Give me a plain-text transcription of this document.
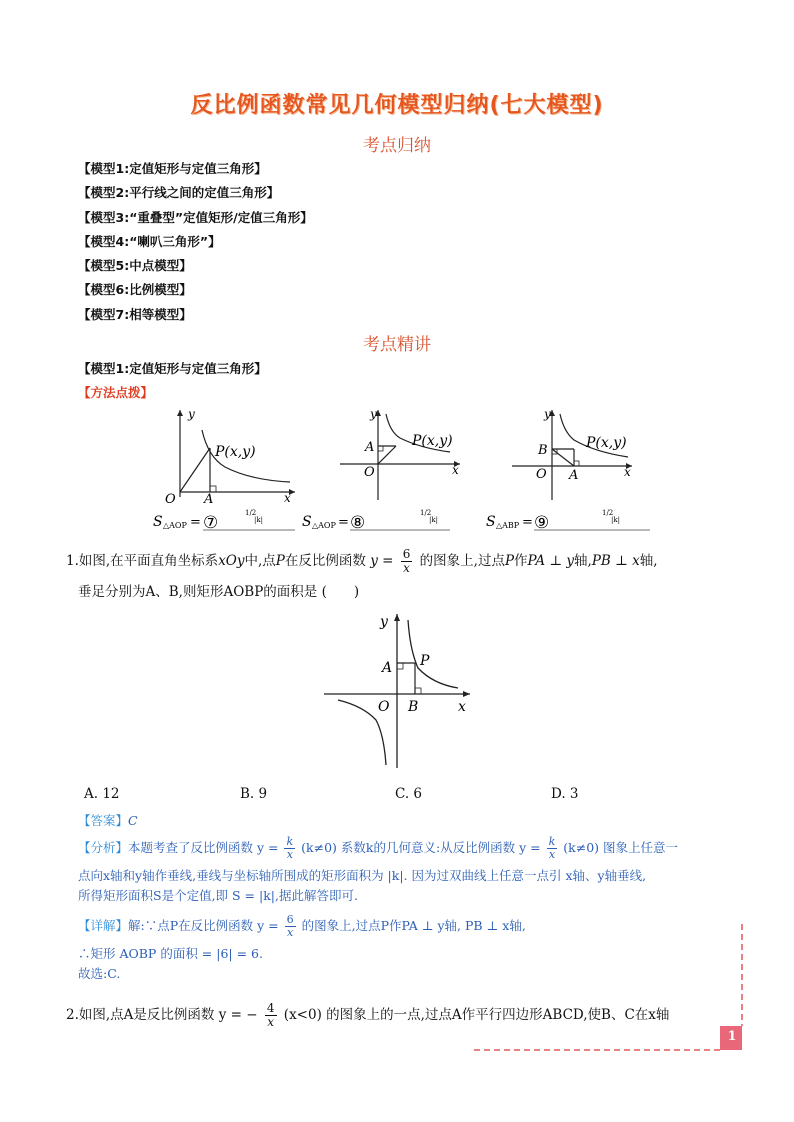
反比例函数常见几何模型归纳(七大模型)
考点归纳
【模型1:定值矩形与定值三角形】
【模型2:平行线之间的定值三角形】
【模型3:“重叠型”定值矩形/定值三角形】
【模型4:“喇叭三角形”】
【模型5:中点模型】
【模型6:比例模型】
【模型7:相等模型】
考点精讲
【模型1:定值矩形与定值三角形】
【方法点拨】
y
x
O A
P(x,y)
S △AOP = ⑦	1/2
|k|
y
x
O
A	P(x,y)
S △AOP = ⑧	1/2
|k|
y
x
O
B
A
P(x,y)
S △ABP = ⑨	1/2
|k|
1.如图,在平面直角坐标系xOy中,点P在反比例函数 $y = \frac{6}{x}$ 的图象上,过点P作PA ⊥ y轴,PB ⊥ x轴,
垂足分别为A、B,则矩形AOBP的面积是 (　　)
y
x
O
A
B
P
A. 12	B. 9	C. 6	D. 3
【答案】C
【分析】本题考查了反比例函数 $y = \frac{k}{x} (k\ne 0)$ 系数k的几何意义:从反比例函数 $y = \frac{k}{x} (k\ne 0)$ 图象上任意一
点向x轴和y轴作垂线,垂线与坐标轴所围成的矩形面积为 |k|. 因为过双曲线上任意一点引 x轴、y轴垂线,
所得矩形面积S是个定值,即 S = |k|,据此解答即可.
【详解】解:∵点P在反比例函数 $y = \frac{6}{x}$ 的图象上,过点P作PA ⊥ y轴, PB ⊥ x轴,
∴矩形 AOBP 的面积 = |6| = 6.
故选:C.
2.如图,点A是反比例函数 y = − $\frac{4}{x} (x<0)$ 的图象上的一点,过点A作平行四边形ABCD,使B、C在x轴
1
